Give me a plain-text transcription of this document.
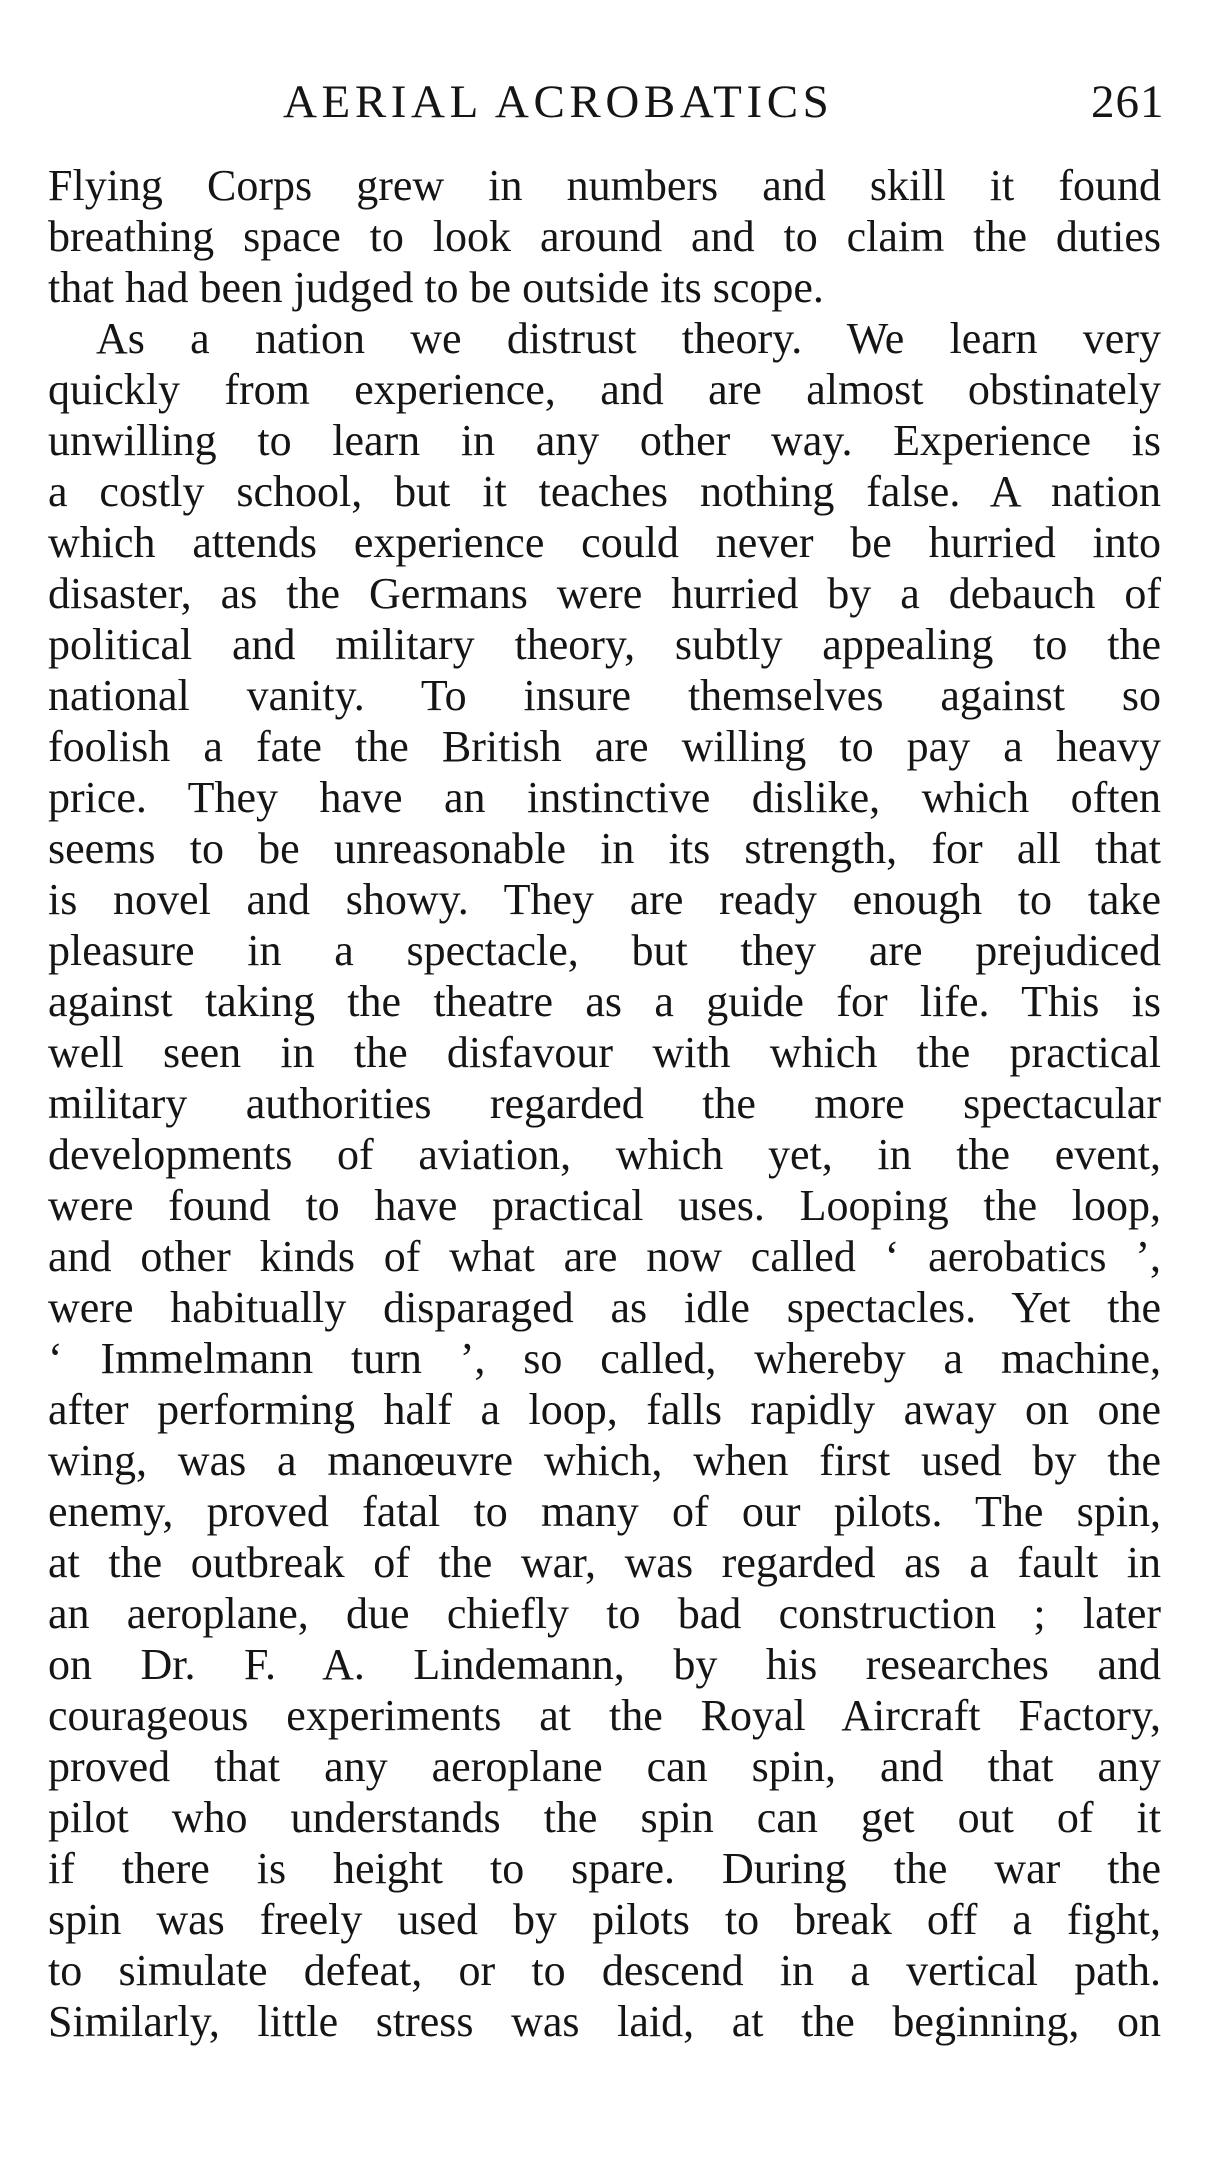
AERIAL ACROBATICS	261
Flying Corps grew in numbers and skill it found
breathing space to look around and to claim the duties
that had been judged to be outside its scope.
As a nation we distrust theory. We learn very
quickly from experience, and are almost obstinately
unwilling to learn in any other way. Experience is
a costly school, but it teaches nothing false. A nation
which attends experience could never be hurried into
disaster, as the Germans were hurried by a debauch of
political and military theory, subtly appealing to the
national vanity. To insure themselves against so
foolish a fate the British are willing to pay a heavy
price. They have an instinctive dislike, which often
seems to be unreasonable in its strength, for all that
is novel and showy. They are ready enough to take
pleasure in a spectacle, but they are prejudiced
against taking the theatre as a guide for life. This is
well seen in the disfavour with which the practical
military authorities regarded the more spectacular
developments of aviation, which yet, in the event,
were found to have practical uses. Looping the loop,
and other kinds of what are now called ‘ aerobatics ’,
were habitually disparaged as idle spectacles. Yet the
‘ Immelmann turn ’, so called, whereby a machine,
after performing half a loop, falls rapidly away on one
wing, was a manœuvre which, when first used by the
enemy, proved fatal to many of our pilots. The spin,
at the outbreak of the war, was regarded as a fault in
an aeroplane, due chiefly to bad construction ; later
on Dr. F. A. Lindemann, by his researches and
courageous experiments at the Royal Aircraft Factory,
proved that any aeroplane can spin, and that any
pilot who understands the spin can get out of it
if there is height to spare. During the war the
spin was freely used by pilots to break off a fight,
to simulate defeat, or to descend in a vertical path.
Similarly, little stress was laid, at the beginning, on
